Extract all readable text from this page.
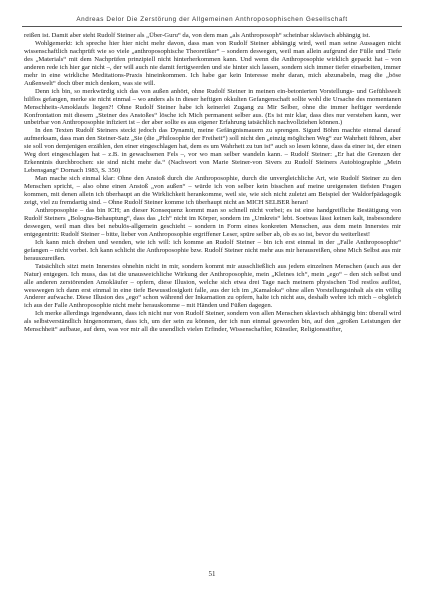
Andreas Delor Die Zerstörung der Allgemeinen Anthroposophischen Gesellschaft

reißen ist. Damit aber steht Rudolf Steiner als „Über-Guru“ da, von dem man „als Anthroposoph“ scheinbar sklavisch abhängig ist.

Wohlgemerkt: ich spreche hier hier nicht mehr davon, dass man von Rudolf Steiner abhängig wird, weil man seine Aussagen nicht wissenschaftlich nachprüft wie so viele „anthroposophische Theoretiker“ – sondern deswegen, weil man allein aufgrund der Fülle und Tiefe des „Materials“ mit dem Nachprüfen prinzipiell nicht hinterherkommen kann. Und wenn die Anthroposophie wirklich gepackt hat – von anderen rede ich hier gar nicht –, der will auch nie damit fertigwerden und sie hinter sich lassen, sondern sich immer tiefer einarbeiten, immer mehr in eine wirkliche Meditations-Praxis hineinkommen. Ich habe gar kein Interesse mehr daran, mich abzunabeln, mag die „böse Außenwelt“ doch über mich denken, was sie will.

Denn ich bin, so merkwürdig sich das von außen anhört, ohne Rudolf Steiner in meinen ein-betonierten Vorstellungs- und Gefühlswelt hilflos gefangen, merke sie nicht einmal – wo anders als in dieser heftigen okkulten Gefangenschaft sollte wohl die Ursache des momentanen Menschheits-Amoklaufs liegen?! Ohne Rudolf Steiner habe ich keinerlei Zugang zu Mir Selber, ohne die immer heftiger werdende Konfrontation mit diesem „Steiner des Anstoßes“ lösche ich Mich permanent selber aus. (Es ist mir klar, dass dies nur verstehen kann, wer unbeirbar von Anthroposophie infiziert ist – der aber sollte es aus eigener Erfahrung tatsächlich nachvollziehen können.)

In den Texten Rudolf Steiners steckt jedoch das Dynamit, meine Gefängnismauern zu sprengen. Sigurd Böhm machte einmal darauf aufmerksam, dass man den Steiner-Satz „Sie (die „Philosophie der Freiheit“) soll nicht den „einzig möglichen Weg“ zur Wahrheit führen, aber sie soll von demjenigen erzählen, den einer eingeschlagen hat, dem es um Wahrheit zu tun ist“ auch so lesen könne, dass da einer ist, der einen Weg dort eingeschlagen hat – z.B. in gewachsenen Fels –, vor wo man selber wandeln kann. – Rudolf Steiner: „Er hat die Grenzen der Erkenntnis durchbrochen: sie sind nicht mehr da.“ (Nachwort von Marie Steiner-von Sivers zu Rudolf Steiners Autobiographie „Mein Lebensgang“ Dornach 1983, S. 350)

Man mache sich einmal klar: Ohne den Anstoß durch die Anthroposophie, durch die unvergleichliche Art, wie Rudolf Steiner zu den Menschen spricht, – also ohne einen Anstoß „von außen“ – würde ich von selber kein bisschen auf meine ureigensten tiefsten Fragen kommen, mit denen allein ich überhaupt an die Wirklichkeit herankomme, weil sie, wie sich nicht zuletzt am Beispiel der Waldorfpädagogik zeigt, viel zu fremdartig sind. – Ohne Rudolf Steiner komme ich überhaupt nicht an MICH SELBER heran!

Anthroposophie – das bin ICH; an dieser Konsequenz kommt man so schnell nicht vorbei; es ist eine handgreifliche Bestätigung von Rudolf Steiners „Bologna-Behauptung“, dass das „Ich“ nicht im Körper, sondern im „Umkreis“ lebt. Soetwas lässt keinen kalt, insbesondere deswegen, weil man dies bei nebulös-allgemein geschieht – sondern in Form eines konkreten Menschen, aus dem mein Innerstes mir entgegentritt: Rudolf Steiner – bitte, lieber von Anthroposophie ergriffener Leser, spüre selber ab, ob es so ist, bevor du weiterliest!

Ich kann mich drehen und wenden, wie ich will: ich komme an Rudolf Steiner – bin ich erst einmal in der „Falle Anthroposophie“ gefangen – nicht vorbei. Ich kann schlicht die Anthroposophie bzw. Rudolf Steiner nicht mehr aus mir herausreißen, ohne Mich Selbst aus mir herauszureißen.

Tatsächlich sitzt mein Innerstes ohnehin nicht in mir, sondern kommt mir ausschließlich aus jedem einzelnen Menschen (auch aus der Natur) entgegen. Ich muss, das ist die unausweichliche Wirkung der Anthroposophie, mein „Kleines ich“, mein „ego“ – den sich selbst und alle anderen zerstörenden Amokläufer – opfern, diese Illusion, welche sich etwa drei Tage nach meinem physischen Tod restlos auflöst, wesswegen ich dann erst einmal in eine tiefe Bewusstlosigkeit falle, aus der ich im „Kamaloka“ ohne allen Vorstellungsinhalt als ein völlig Anderer aufwache. Diese Illusion des „ego“ schon während der Inkarnation zu opfern, halte ich nicht aus, deshalb wehre ich mich – obgleich ich aus der Falle Anthroposophie nicht mehr herauskomme – mit Händen und Füßen dagegen.

Ich merke allerdings irgendwann, dass ich nicht nur von Rudolf Steiner, sondern von allen Menschen sklavisch abhängig bin: überall wird als selbstverständlich hingenommen, dass ich, um der sein zu können, der ich nun einmal geworden bin, auf den „großen Leistungen der Menschheit“ aufbaue, auf dem, was vor mir all die unendlich vielen Erfinder, Wissenschaftler, Künstler, Religionsstifter,

51
